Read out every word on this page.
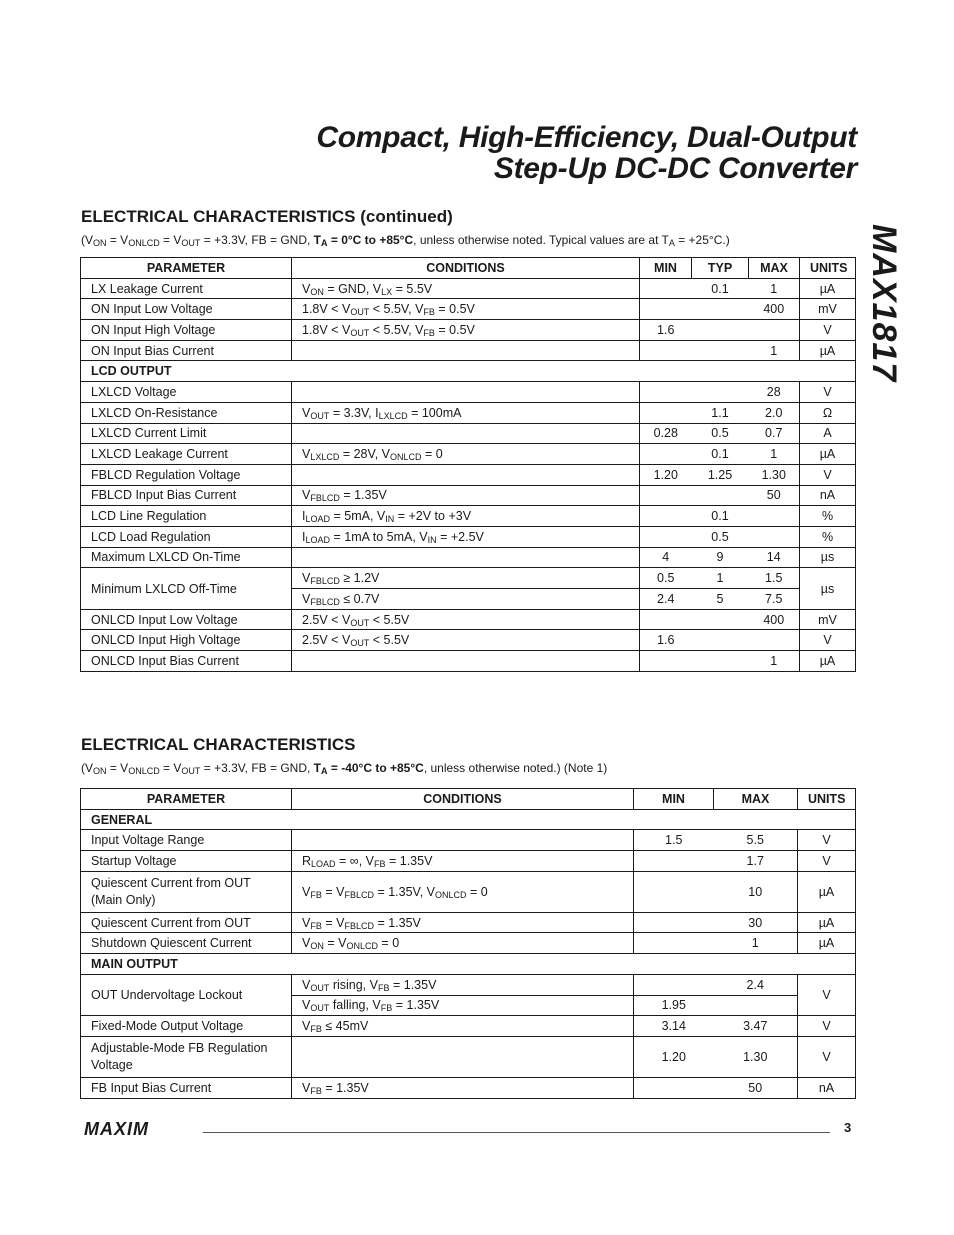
Compact, High-Efficiency, Dual-Output
Step-Up DC-DC Converter
MAX1817
ELECTRICAL CHARACTERISTICS (continued)
($V_{ON} = V_{ONLCD} = V_{OUT} = +3.3V$, FB = GND, $T_A = 0^\circ C$ to +85°C, unless otherwise noted. Typical values are at $T_A = +25^\circ C$.)
PARAMETER	CONDITIONS	MIN	TYP	MAX	UNITS
LX Leakage Current	$V_{ON}$ = GND, $V_{LX} = 5.5V$		0.1	1	µA
ON Input Low Voltage	$1.8V < V_{OUT} < 5.5V$, $V_{FB} = 0.5V$			400	mV
ON Input High Voltage	$1.8V < V_{OUT} < 5.5V$, $V_{FB} = 0.5V$	1.6			V
ON Input Bias Current				1	µA
LCD OUTPUT					
LXLCD Voltage				28	V
LXLCD On-Resistance	$V_{OUT} = 3.3V$, $I_{LXLCD} = 100mA$		1.1	2.0	Ω
LXLCD Current Limit		0.28	0.5	0.7	A
LXLCD Leakage Current	$V_{LXLCD} = 28V$, $V_{ONLCD} = 0$		0.1	1	µA
FBLCD Regulation Voltage		1.20	1.25	1.30	V
FBLCD Input Bias Current	$V_{FBLCD} = 1.35V$			50	nA
LCD Line Regulation	$I_{LOAD} = 5mA$, $V_{IN} = +2V$ to +3V		0.1		%
LCD Load Regulation	$I_{LOAD} = 1mA$ to 5mA, $V_{IN} = +2.5V$		0.5		%
Maximum LXLCD On-Time		4	9	14	µs
Minimum LXLCD Off-Time	$V_{FBLCD} \ge 1.2V$	0.5	1	1.5	µs
	$V_{FBLCD} \le 0.7V$	2.4	5	7.5	
ONLCD Input Low Voltage	$2.5V < V_{OUT} < 5.5V$			400	mV
ONLCD Input High Voltage	$2.5V < V_{OUT} < 5.5V$	1.6			V
ONLCD Input Bias Current				1	µA
ELECTRICAL CHARACTERISTICS
($V_{ON} = V_{ONLCD} = V_{OUT} = +3.3V$, FB = GND, $T_A = -40^\circ C$ to +85°C, unless otherwise noted.) (Note 1)
PARAMETER	CONDITIONS	MIN	MAX	UNITS
GENERAL				
Input Voltage Range		1.5	5.5	V
Startup Voltage	$R_{LOAD}$ = ∞, $V_{FB} = 1.35V$		1.7	V
Quiescent Current from OUT (Main Only)	$V_{FB} = V_{FBLCD} = 1.35V$, $V_{ONLCD} = 0$		10	µA
Quiescent Current from OUT	$V_{FB} = V_{FBLCD} = 1.35V$		30	µA
Shutdown Quiescent Current	$V_{ON} = V_{ONLCD} = 0$		1	µA
MAIN OUTPUT				
OUT Undervoltage Lockout	$V_{OUT}$ rising, $V_{FB} = 1.35V$		2.4	V
	$V_{OUT}$ falling, $V_{FB} = 1.35V$	1.95		
Fixed-Mode Output Voltage	$V_{FB} \le 45mV$	3.14	3.47	V
Adjustable-Mode FB Regulation Voltage		1.20	1.30	V
FB Input Bias Current	$V_{FB} = 1.35V$		50	nA
MAXIM	3
